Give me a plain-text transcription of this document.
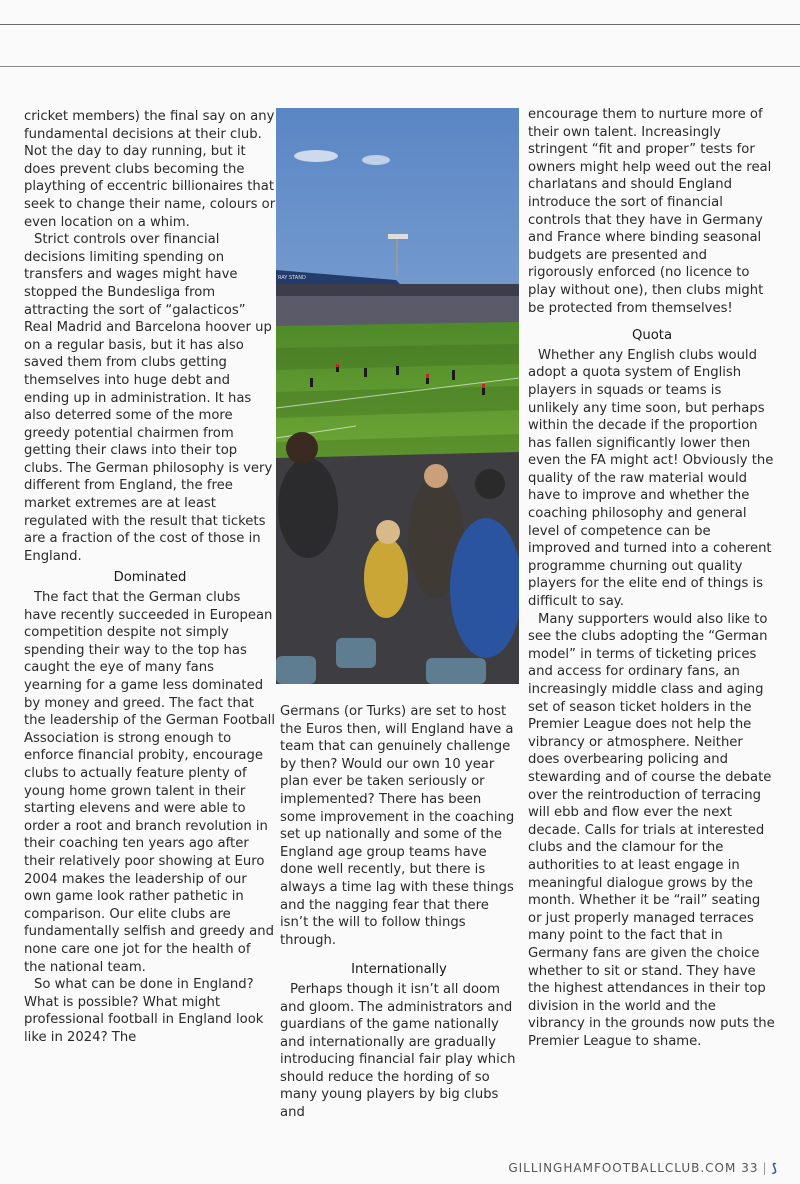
cricket members) the final say on any fundamental decisions at their club. Not the day to day running, but it does prevent clubs becoming the plaything of eccentric billionaires that seek to change their name, colours or even location on a whim.

Strict controls over financial decisions limiting spending on transfers and wages might have stopped the Bundesliga from attracting the sort of “galacticos” Real Madrid and Barcelona hoover up on a regular basis, but it has also saved them from clubs getting themselves into huge debt and ending up in administration. It has also deterred some of the more greedy potential chairmen from getting their claws into their top clubs. The German philosophy is very different from England, the free market extremes are at least regulated with the result that tickets are a fraction of the cost of those in England.

Dominated

The fact that the German clubs have recently succeeded in European competition despite not simply spending their way to the top has caught the eye of many fans yearning for a game less dominated by money and greed. The fact that the leadership of the German Football Association is strong enough to enforce financial probity, encourage clubs to actually feature plenty of young home grown talent in their starting elevens and were able to order a root and branch revolution in their coaching ten years ago after their relatively poor showing at Euro 2004 makes the leadership of our own game look rather pathetic in comparison. Our elite clubs are fundamentally selfish and greedy and none care one jot for the health of the national team.

So what can be done in England? What is possible? What might professional football in England look like in 2024? The

RAY STAND

Germans (or Turks) are set to host the Euros then, will England have a team that can genuinely challenge by then? Would our own 10 year plan ever be taken seriously or implemented? There has been some improvement in the coaching set up nationally and some of the England age group teams have done well recently, but there is always a time lag with these things and the nagging fear that there isn’t the will to follow things through.

Internationally

Perhaps though it isn’t all doom and gloom. The administrators and guardians of the game nationally and internationally are gradually introducing financial fair play which should reduce the hording of so many young players by big clubs and

encourage them to nurture more of their own talent. Increasingly stringent “fit and proper” tests for owners might help weed out the real charlatans and should England introduce the sort of financial controls that they have in Germany and France where binding seasonal budgets are presented and rigorously enforced (no licence to play without one), then clubs might be protected from themselves!

Quota

Whether any English clubs would adopt a quota system of English players in squads or teams is unlikely any time soon, but perhaps within the decade if the proportion has fallen significantly lower then even the FA might act! Obviously the quality of the raw material would have to improve and whether the coaching philosophy and general level of competence can be improved and turned into a coherent programme churning out quality players for the elite end of things is difficult to say.

Many supporters would also like to see the clubs adopting the “German model” in terms of ticketing prices and access for ordinary fans, an increasingly middle class and aging set of season ticket holders in the Premier League does not help the vibrancy or atmosphere. Neither does overbearing policing and stewarding and of course the debate over the reintroduction of terracing will ebb and flow ever the next decade. Calls for trials at interested clubs and the clamour for the authorities to at least engage in meaningful dialogue grows by the month. Whether it be “rail” seating or just properly managed terraces many point to the fact that in Germany fans are given the choice whether to sit or stand. They have the highest attendances in their top division in the world and the vibrancy in the grounds now puts the Premier League to shame.

GILLINGHAMFOOTBALLCLUB.COM 33 | ⟆
